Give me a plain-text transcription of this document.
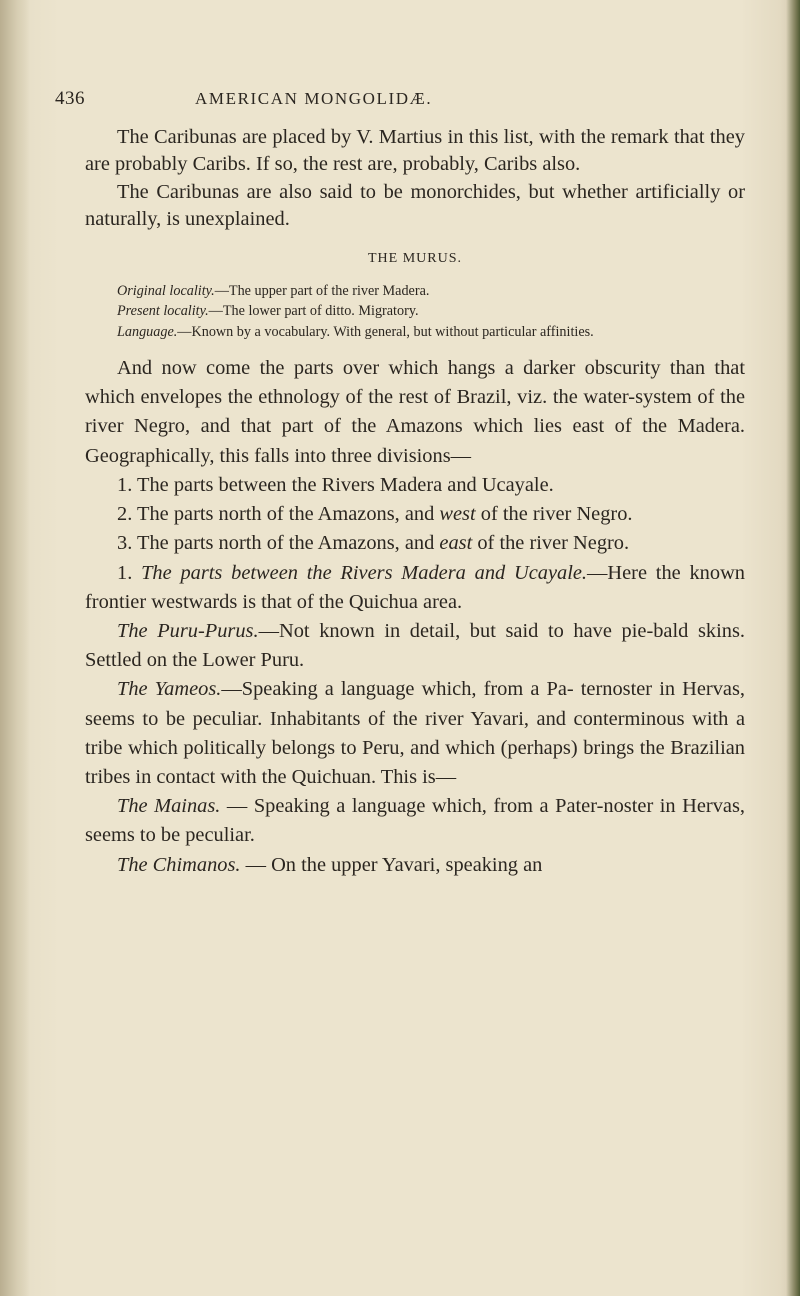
436	AMERICAN MONGOLIDÆ.

The Caribunas are placed by V. Martius in this list, with the remark that they are probably Caribs. If so, the rest are, probably, Caribs also.

The Caribunas are also said to be monorchides, but whether artificially or naturally, is unexplained.

THE MURUS.

Original locality.—The upper part of the river Madera.

Present locality.—The lower part of ditto. Migratory.

Language.—Known by a vocabulary. With general, but without particular affinities.

And now come the parts over which hangs a darker obscurity than that which envelopes the ethnology of the rest of Brazil, viz. the water-system of the river Negro, and that part of the Amazons which lies east of the Madera. Geographically, this falls into three divisions—

1. The parts between the Rivers Madera and Ucayale.

2. The parts north of the Amazons, and west of the river Negro.

3. The parts north of the Amazons, and east of the river Negro.

1. The parts between the Rivers Madera and Ucayale.—Here the known frontier westwards is that of the Quichua area.

The Puru-Purus.—Not known in detail, but said to have pie-bald skins. Settled on the Lower Puru.

The Yameos.—Speaking a language which, from a Pa- ternoster in Hervas, seems to be peculiar. Inhabitants of the river Yavari, and conterminous with a tribe which politically belongs to Peru, and which (perhaps) brings the Brazilian tribes in contact with the Quichuan. This is—

The Mainas. — Speaking a language which, from a Pater-noster in Hervas, seems to be peculiar.

The Chimanos. — On the upper Yavari, speaking an
